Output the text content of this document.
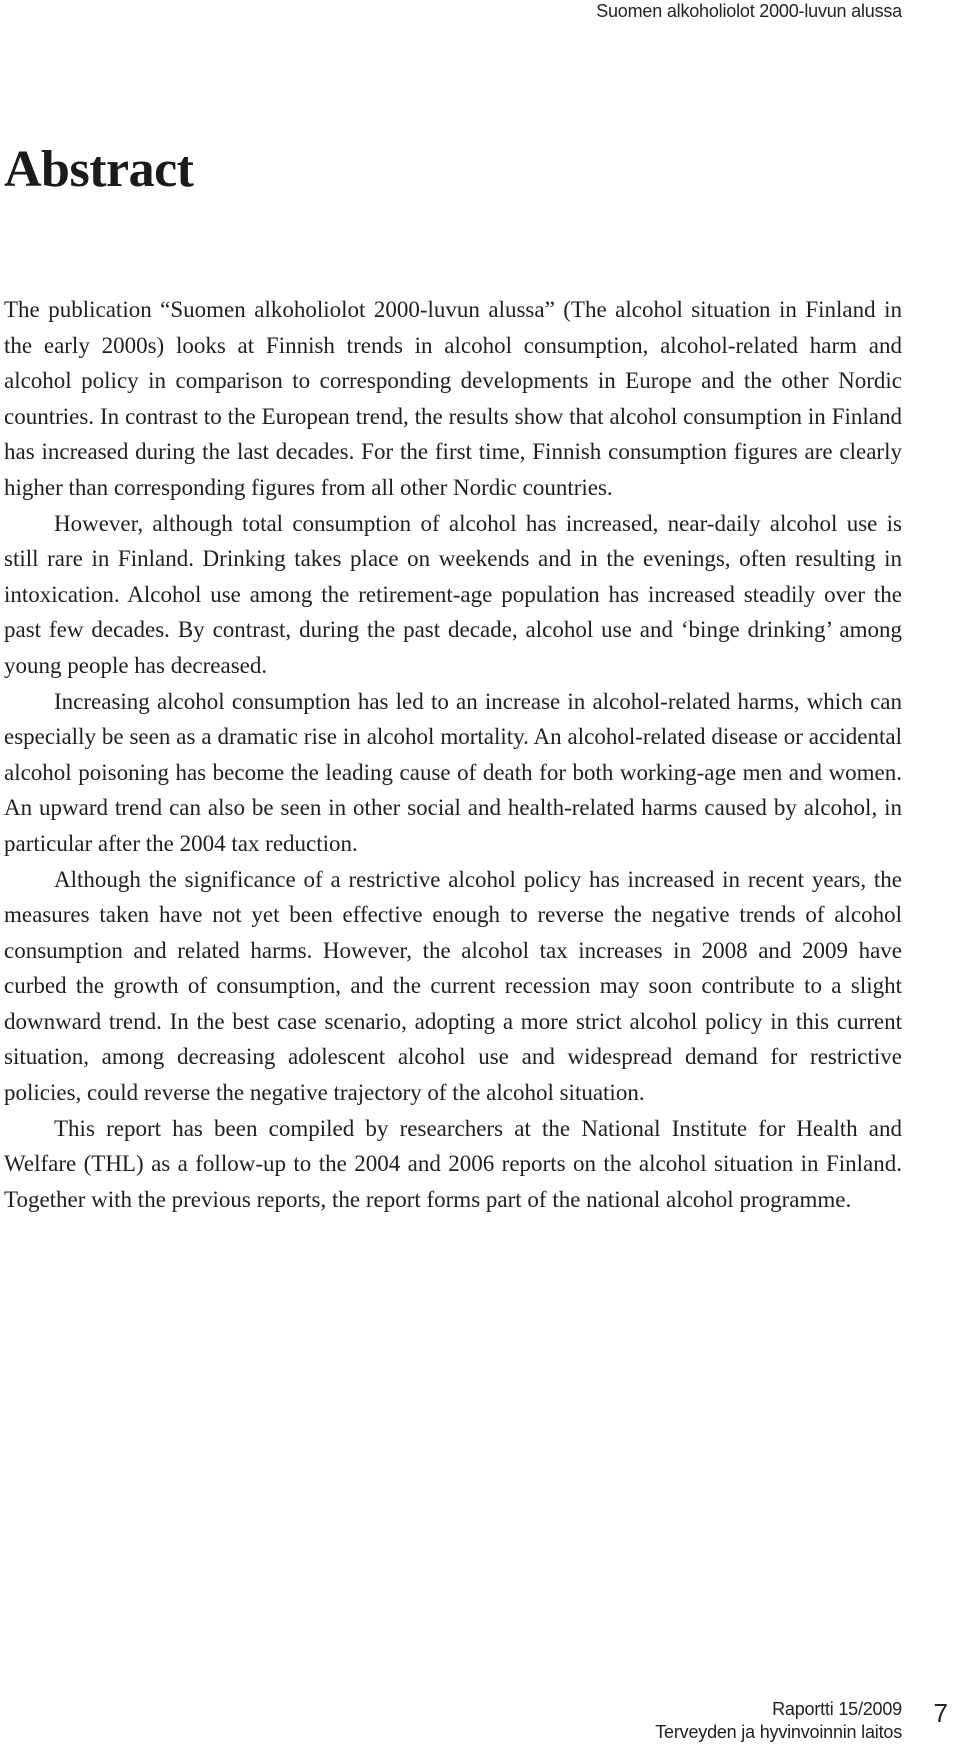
Suomen alkoholiolot 2000-luvun alussa
Abstract

The publication “Suomen alkoholiolot 2000-luvun alussa” (The alcohol situation in Finland in the early 2000s) looks at Finnish trends in alcohol consumption, alcohol-related harm and alcohol policy in comparison to corresponding developments in Europe and the other Nordic countries. In contrast to the European trend, the results show that alcohol consumption in Finland has increased during the last decades. For the first time, Finnish consumption figures are clearly higher than corresponding figures from all other Nordic countries.

However, although total consumption of alcohol has increased, near-daily alcohol use is still rare in Finland. Drinking takes place on weekends and in the evenings, often resulting in intoxication. Alcohol use among the retirement-age population has increased steadily over the past few decades. By contrast, during the past decade, alcohol use and ‘binge drinking’ among young people has decreased.

Increasing alcohol consumption has led to an increase in alcohol-related harms, which can especially be seen as a dramatic rise in alcohol mortality. An alcohol-related disease or accidental alcohol poisoning has become the leading cause of death for both working-age men and women. An upward trend can also be seen in other social and health-related harms caused by alcohol, in particular after the 2004 tax reduction.

Although the significance of a restrictive alcohol policy has increased in recent years, the measures taken have not yet been effective enough to reverse the negative trends of alcohol consumption and related harms. However, the alcohol tax increases in 2008 and 2009 have curbed the growth of consumption, and the current recession may soon contribute to a slight downward trend. In the best case scenario, adopting a more strict alcohol policy in this current situation, among decreasing adolescent alcohol use and widespread demand for restrictive policies, could reverse the negative trajectory of the alcohol situation.

This report has been compiled by researchers at the National Institute for Health and Welfare (THL) as a follow-up to the 2004 and 2006 reports on the alcohol situation in Finland. Together with the previous reports, the report forms part of the national alcohol programme.

Raportti 15/2009
Terveyden ja hyvinvoinnin laitos
7
